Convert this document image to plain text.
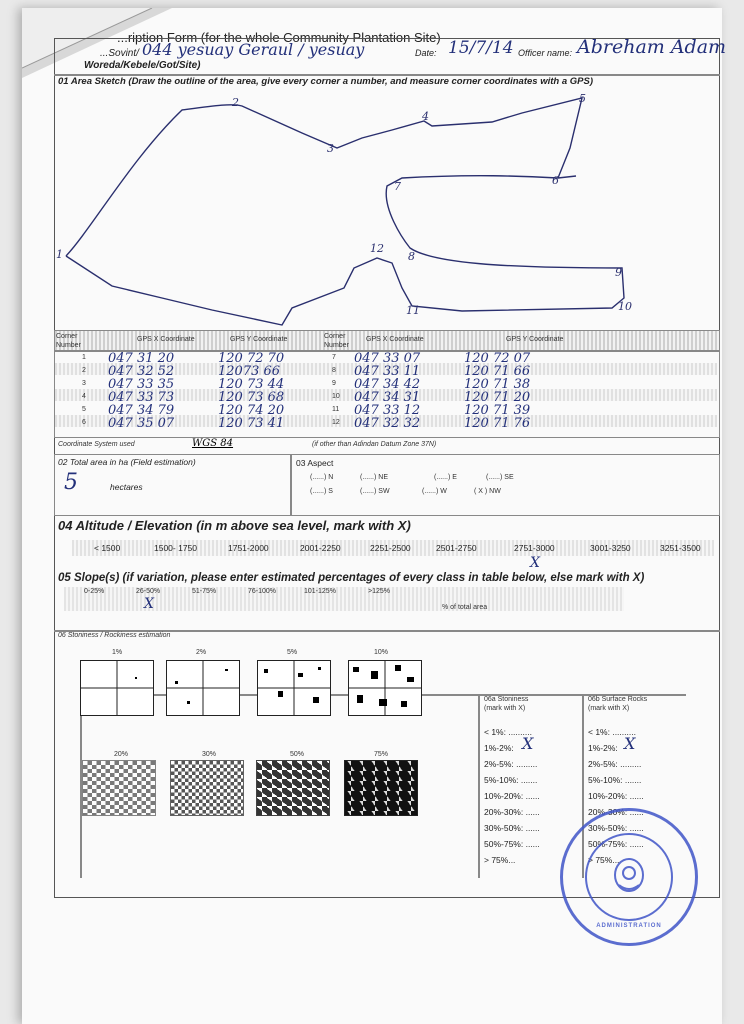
...ription Form (for the whole Community Plantation Site)
...Sovint/ 044 yesuay Geraul / yesuay
Woreda/Kebele/Got/Site)
Date: 15/7/14 Officer name: Abreham Adam
01 Area Sketch (Draw the outline of the area, give every corner a number, and measure corner coordinates with a GPS)
1
2
3
4
5
6
7
8
9
10
11
12
Corner Number
GPS X Coordinate	GPS Y Coordinate	Corner Number
GPS X Coordinate	GPS Y Coordinate
1 047 31 20	120 72 70
2 047 32 52	12073 66
3 047 33 35	120 73 44
4 047 33 73	120 73 68
5 047 34 79	120 74 20
6 047 35 07	120 73 41
7 047 33 07	120 72 07
8 047 33 11	120 71 66
9 047 34 42	120 71 38
10 047 34 31	120 71 20
11 047 33 12	120 71 39
12 047 32 32	120 71 76
Coordinate System used	WGS 84	(if other than Adindan Datum Zone 37N)
02 Total area in ha (Field estimation)
5	hectares
03 Aspect
(......) N	(......) NE	(......) E	(......) SE
(......) S	(......) SW	(......) W	( X ) NW
04 Altitude / Elevation (in m above sea level, mark with X)
< 1500	1500- 1750	1751-2000	2001-2250	2251-2500	2501-2750	2751-3000	3001-3250	3251-3500
X
05 Slope(s) (if variation, please enter estimated percentages of every class in table below, else mark with X)
0-25%	26-50%	51-75%	76-100%	101-125%	>125%
X	% of total area
06 Stoniness / Rockiness estimation
1%	2%	5%	10%
20%	30%	50%	75%
06a Stoniness
(mark with X)
06b Surface Rocks
(mark with X)
< 1%: ..........
1%-2%:
2%-5%: .........
5%-10%: .......
10%-20%: ......
20%-30%: ......
30%-50%: ......
50%-75%: ......
> 75%...
X
< 1%: ..........
1%-2%:
2%-5%: .........
5%-10%: .......
10%-20%: ......
20%-30%: ......
30%-50%: ......
50%-75%: ......
> 75%...
X
ADMINISTRATION
